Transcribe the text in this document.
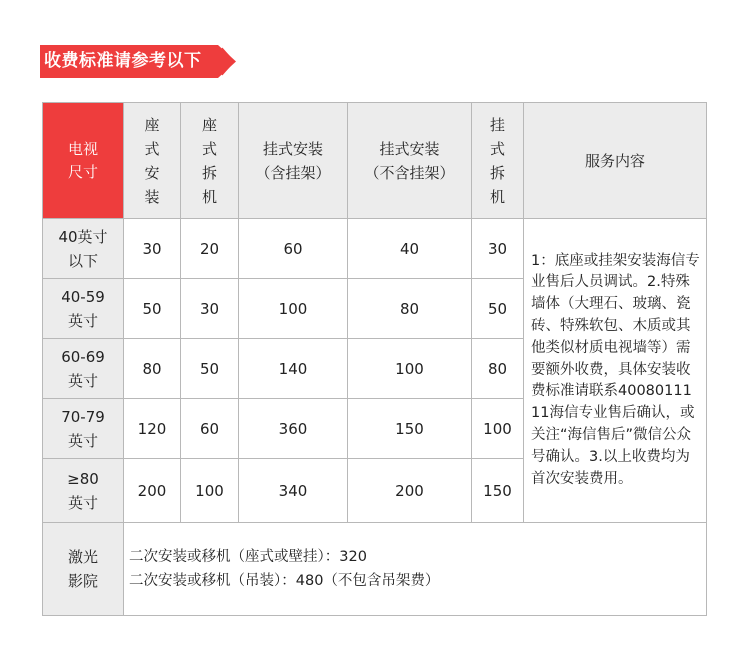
收费标准请参考以下
电视
尺寸	座
式
安
装	座
式
拆
机	挂式安装
（含挂架）	挂式安装
（不含挂架）	挂
式
拆
机	服务内容

40英寸
以下	30	20	60	40	30	1：底座或挂架安装海信专业售后人员调试。2.特殊墙体（大理石、玻璃、瓷砖、特殊软包、木质或其他类似材质电视墙等）需要额外收费，具体安装收费标准请联系4008011111海信专业售后确认，或关注“海信售后”微信公众号确认。3.以上收费均为首次安装费用。

40-59
英寸	50	30	100	80	50	

60-69
英寸	80	50	140	100	80	

70-79
英寸	120	60	360	150	100	

≥80
英寸	200	100	340	200	150	

激光
影院	二次安装或移机（座式或壁挂）：320
二次安装或移机（吊装）：480（不包含吊架费）					
